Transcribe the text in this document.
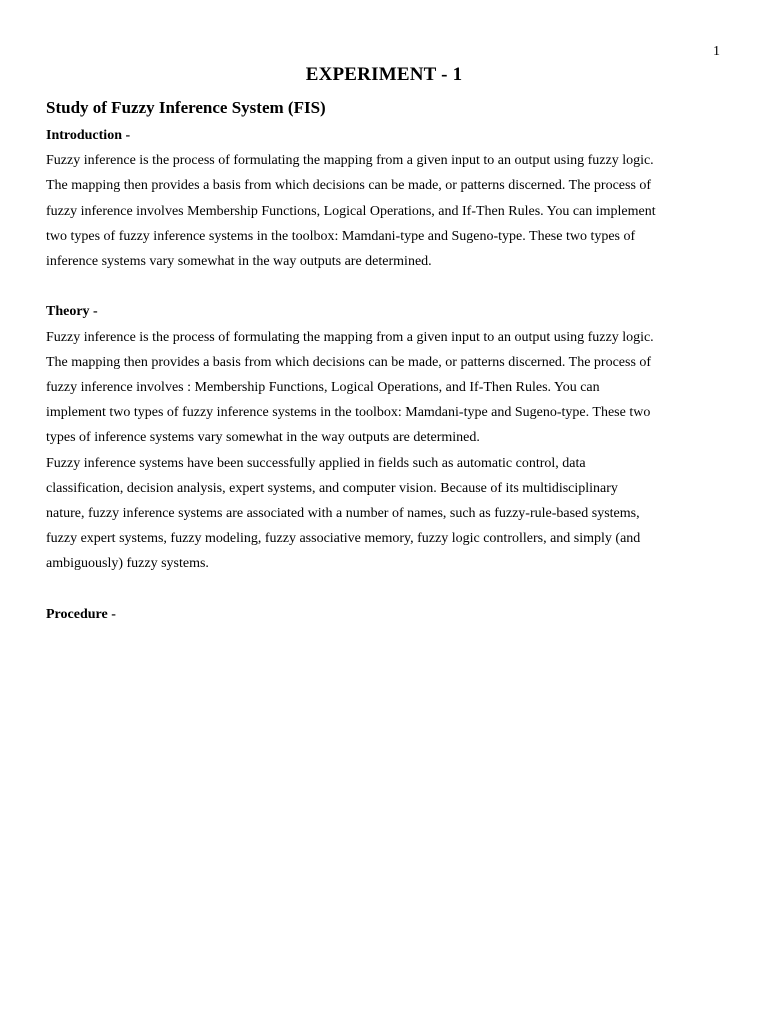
1
EXPERIMENT - 1
Study of Fuzzy Inference System (FIS)
Introduction -
Fuzzy inference is the process of formulating the mapping from a given input to an output using fuzzy logic.
The mapping then provides a basis from which decisions can be made, or patterns discerned. The process of
fuzzy inference involves Membership Functions, Logical Operations, and If-Then Rules. You can implement
two types of fuzzy inference systems in the toolbox: Mamdani-type and Sugeno-type. These two types of
inference systems vary somewhat in the way outputs are determined.
Theory -
Fuzzy inference is the process of formulating the mapping from a given input to an output using fuzzy logic.
The mapping then provides a basis from which decisions can be made, or patterns discerned. The process of
fuzzy inference involves : Membership Functions, Logical Operations, and If-Then Rules. You can
implement two types of fuzzy inference systems in the toolbox: Mamdani-type and Sugeno-type. These two
types of inference systems vary somewhat in the way outputs are determined.
Fuzzy inference systems have been successfully applied in fields such as automatic control, data
classification, decision analysis, expert systems, and computer vision. Because of its multidisciplinary
nature, fuzzy inference systems are associated with a number of names, such as fuzzy-rule-based systems,
fuzzy expert systems, fuzzy modeling, fuzzy associative memory, fuzzy logic controllers, and simply (and
ambiguously) fuzzy systems.
Procedure -
